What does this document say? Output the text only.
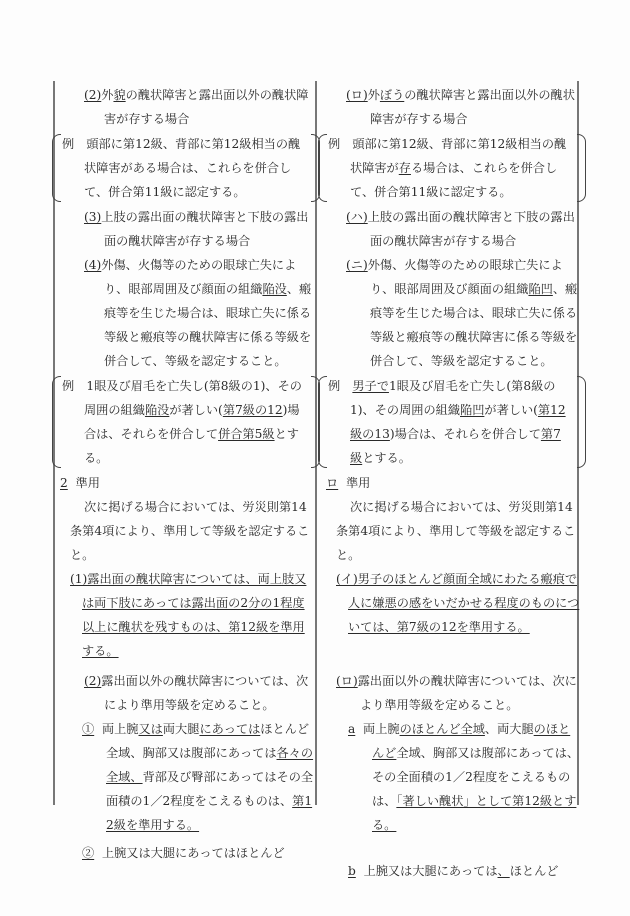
(2)外貌の醜状障害と露出面以外の醜状障害が存する場合

例　頭部に第12級、背部に第12級相当の醜状障害がある場合は、これらを併合して、併合第11級に認定する。

(3)上肢の露出面の醜状障害と下肢の露出面の醜状障害が存する場合

(4)外傷、火傷等のための眼球亡失により、眼部周囲及び顔面の組織陥没、瘢痕等を生じた場合は、眼球亡失に係る等級と瘢痕等の醜状障害に係る等級を併合して、等級を認定すること。

例　1眼及び眉毛を亡失し(第8級の1)、その周囲の組織陥没が著しい(第7級の12)場合は、それらを併合して併合第5級とする。

2 準用

次に掲げる場合においては、労災則第14条第4項により、準用して等級を認定すること。

(1)露出面の醜状障害については、両上肢又は両下肢にあっては露出面の2分の1程度以上に醜状を残すものは、第12級を準用する。

(2)露出面以外の醜状障害については、次により準用等級を定めること。

① 両上腕又は両大腿にあってはほとんど全域、胸部又は腹部にあっては各々の全域、背部及び臀部にあってはその全面積の1／2程度をこえるものは、第12級を準用する。

② 上腕又は大腿にあってはほとんど

(ロ)外ぼうの醜状障害と露出面以外の醜状障害が存する場合

例　頭部に第12級、背部に第12級相当の醜状障害が存る場合は、これらを併合して、併合第11級に認定する。

(ハ)上肢の露出面の醜状障害と下肢の露出面の醜状障害が存する場合

(ニ)外傷、火傷等のための眼球亡失により、眼部周囲及び顔面の組織陥凹、瘢痕等を生じた場合は、眼球亡失に係る等級と瘢痕等の醜状障害に係る等級を併合して、等級を認定すること。

例　男子で1眼及び眉毛を亡失し(第8級の1)、その周囲の組織陥凹が著しい(第12級の13)場合は、それらを併合して第7級とする。

ロ 準用

次に掲げる場合においては、労災則第14条第4項により、準用して等級を認定すること。

(イ)男子のほとんど顔面全域にわたる瘢痕で人に嫌悪の感をいだかせる程度のものについては、第7級の12を準用する。

(ロ)露出面以外の醜状障害については、次により準用等級を定めること。

a 両上腕のほとんど全域、両大腿のほとんど全域、胸部又は腹部にあっては、その全面積の1／2程度をこえるものは、「著しい醜状」として第12級とする。

b 上腕又は大腿にあっては、ほとんど
